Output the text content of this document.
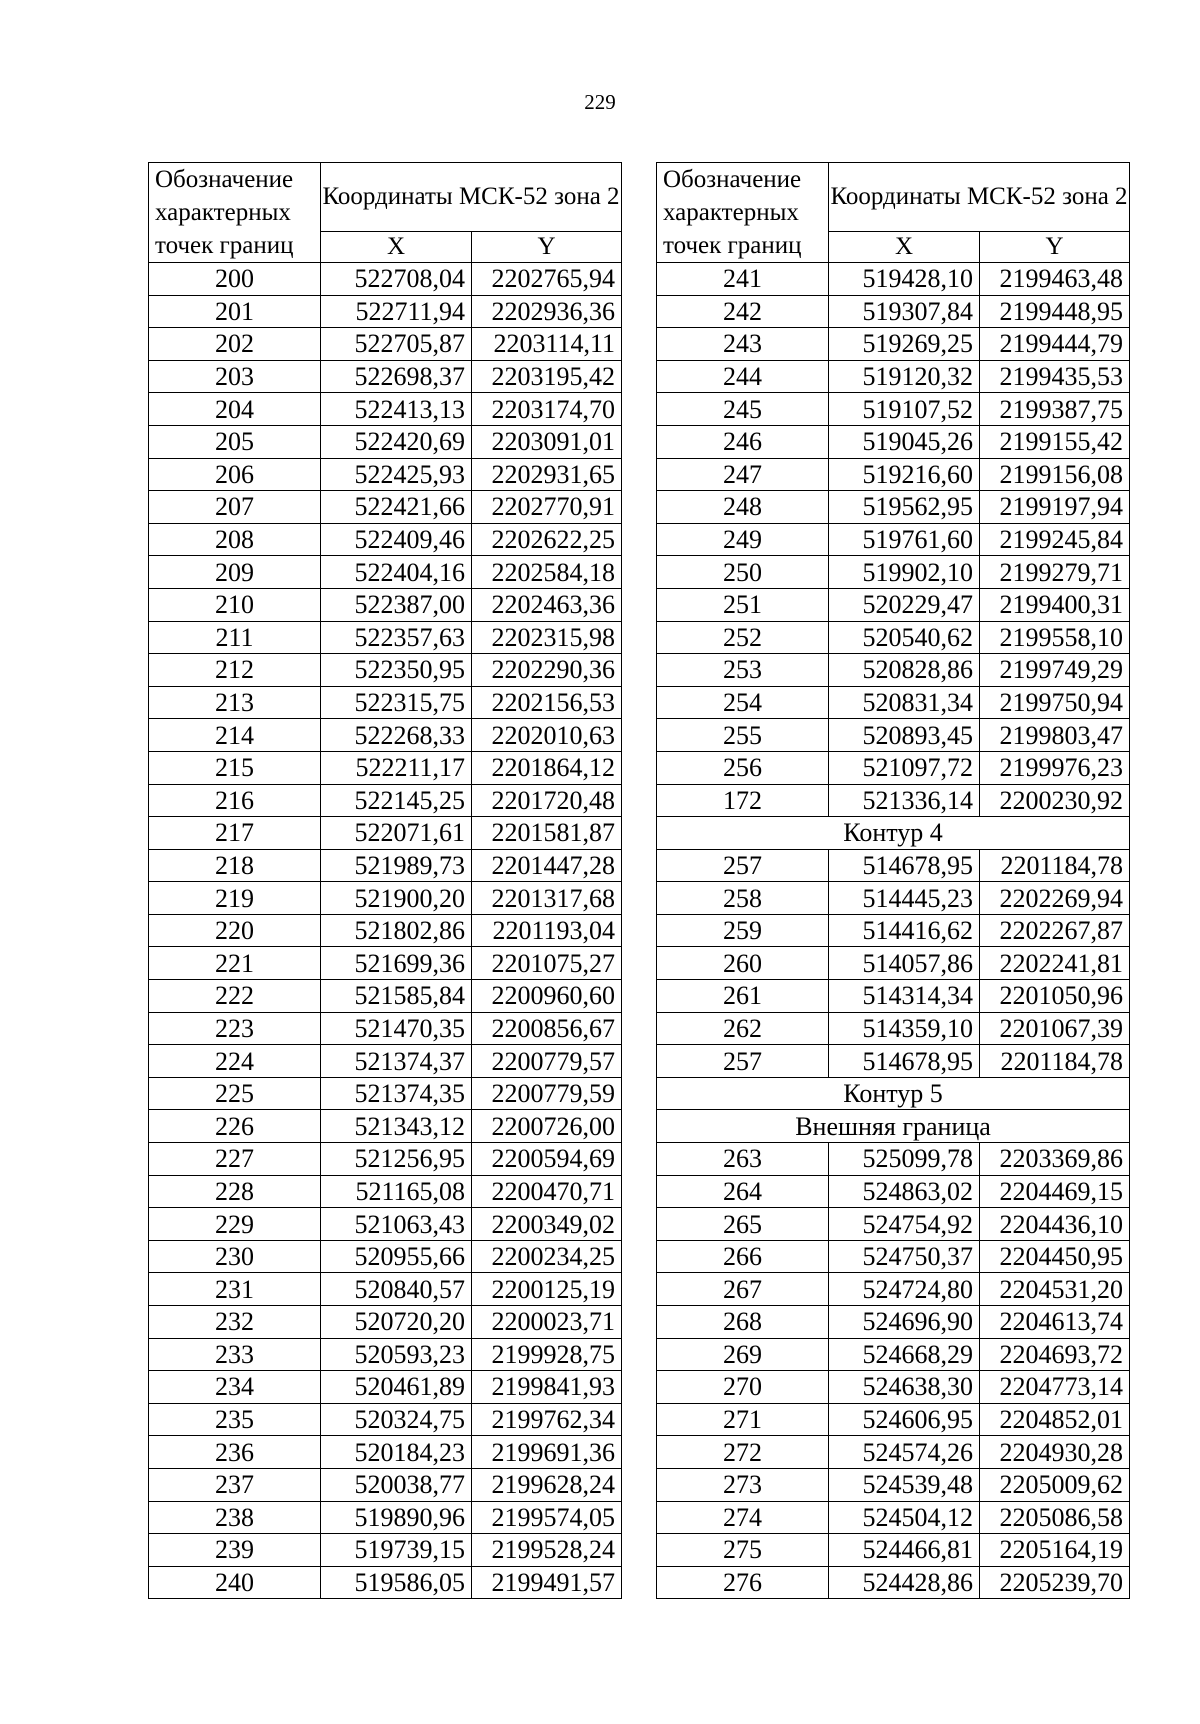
229
Обозначение характерных точек границ	Координаты МСК-52 зона 2	
	X	Y
200	522708,04	2202765,94
201	522711,94	2202936,36
202	522705,87	2203114,11
203	522698,37	2203195,42
204	522413,13	2203174,70
205	522420,69	2203091,01
206	522425,93	2202931,65
207	522421,66	2202770,91
208	522409,46	2202622,25
209	522404,16	2202584,18
210	522387,00	2202463,36
211	522357,63	2202315,98
212	522350,95	2202290,36
213	522315,75	2202156,53
214	522268,33	2202010,63
215	522211,17	2201864,12
216	522145,25	2201720,48
217	522071,61	2201581,87
218	521989,73	2201447,28
219	521900,20	2201317,68
220	521802,86	2201193,04
221	521699,36	2201075,27
222	521585,84	2200960,60
223	521470,35	2200856,67
224	521374,37	2200779,57
225	521374,35	2200779,59
226	521343,12	2200726,00
227	521256,95	2200594,69
228	521165,08	2200470,71
229	521063,43	2200349,02
230	520955,66	2200234,25
231	520840,57	2200125,19
232	520720,20	2200023,71
233	520593,23	2199928,75
234	520461,89	2199841,93
235	520324,75	2199762,34
236	520184,23	2199691,36
237	520038,77	2199628,24
238	519890,96	2199574,05
239	519739,15	2199528,24
240	519586,05	2199491,57
Обозначение характерных точек границ	Координаты МСК-52 зона 2	
	X	Y
241	519428,10	2199463,48
242	519307,84	2199448,95
243	519269,25	2199444,79
244	519120,32	2199435,53
245	519107,52	2199387,75
246	519045,26	2199155,42
247	519216,60	2199156,08
248	519562,95	2199197,94
249	519761,60	2199245,84
250	519902,10	2199279,71
251	520229,47	2199400,31
252	520540,62	2199558,10
253	520828,86	2199749,29
254	520831,34	2199750,94
255	520893,45	2199803,47
256	521097,72	2199976,23
172	521336,14	2200230,92
Контур 4		
257	514678,95	2201184,78
258	514445,23	2202269,94
259	514416,62	2202267,87
260	514057,86	2202241,81
261	514314,34	2201050,96
262	514359,10	2201067,39
257	514678,95	2201184,78
Контур 5		
Внешняя граница		
263	525099,78	2203369,86
264	524863,02	2204469,15
265	524754,92	2204436,10
266	524750,37	2204450,95
267	524724,80	2204531,20
268	524696,90	2204613,74
269	524668,29	2204693,72
270	524638,30	2204773,14
271	524606,95	2204852,01
272	524574,26	2204930,28
273	524539,48	2205009,62
274	524504,12	2205086,58
275	524466,81	2205164,19
276	524428,86	2205239,70
